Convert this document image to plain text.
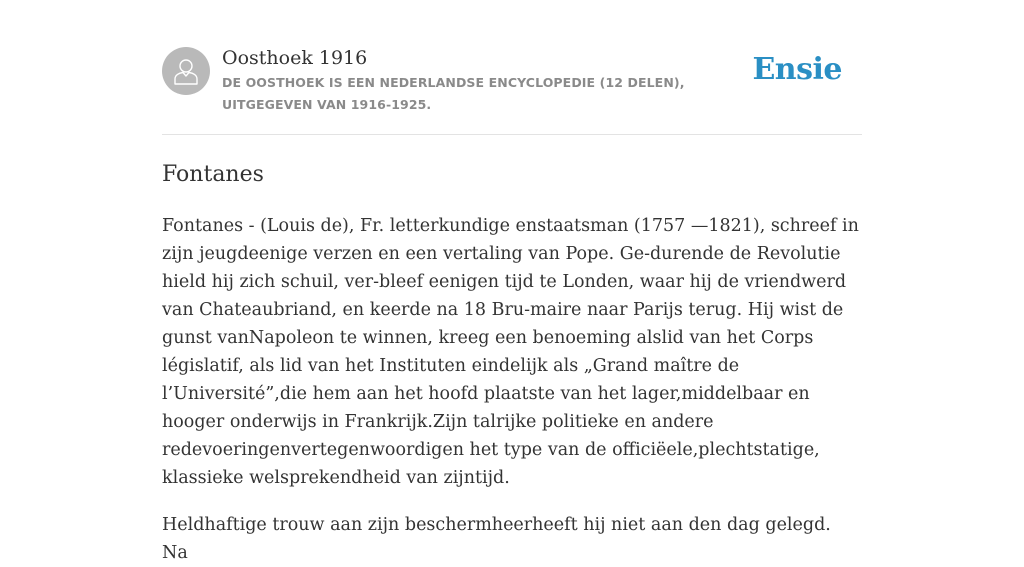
Oosthoek 1916
DE OOSTHOEK IS EEN NEDERLANDSE ENCYCLOPEDIE (12 DELEN), UITGEGEVEN VAN 1916-1925.
Ensie
Fontanes

Fontanes - (Louis de), Fr. letterkundige enstaatsman (1757 —1821), schreef in zijn jeugdeenige verzen en een vertaling van Pope. Ge-durende de Revolutie hield hij zich schuil, ver-bleef eenigen tijd te Londen, waar hij de vriendwerd van Chateaubriand, en keerde na 18 Bru-maire naar Parijs terug. Hij wist de gunst vanNapoleon te winnen, kreeg een benoeming alslid van het Corps législatif, als lid van het Instituten eindelijk als „Grand maître de l’Université”,die hem aan het hoofd plaatste van het lager,middelbaar en hooger onderwijs in Frankrijk.Zijn talrijke politieke en andere redevoeringenvertegenwoordigen het type van de officiëele,plechtstatige, klassieke welsprekendheid van zijntijd.

Heldhaftige trouw aan zijn beschermheerheeft hij niet aan den dag gelegd. Na
